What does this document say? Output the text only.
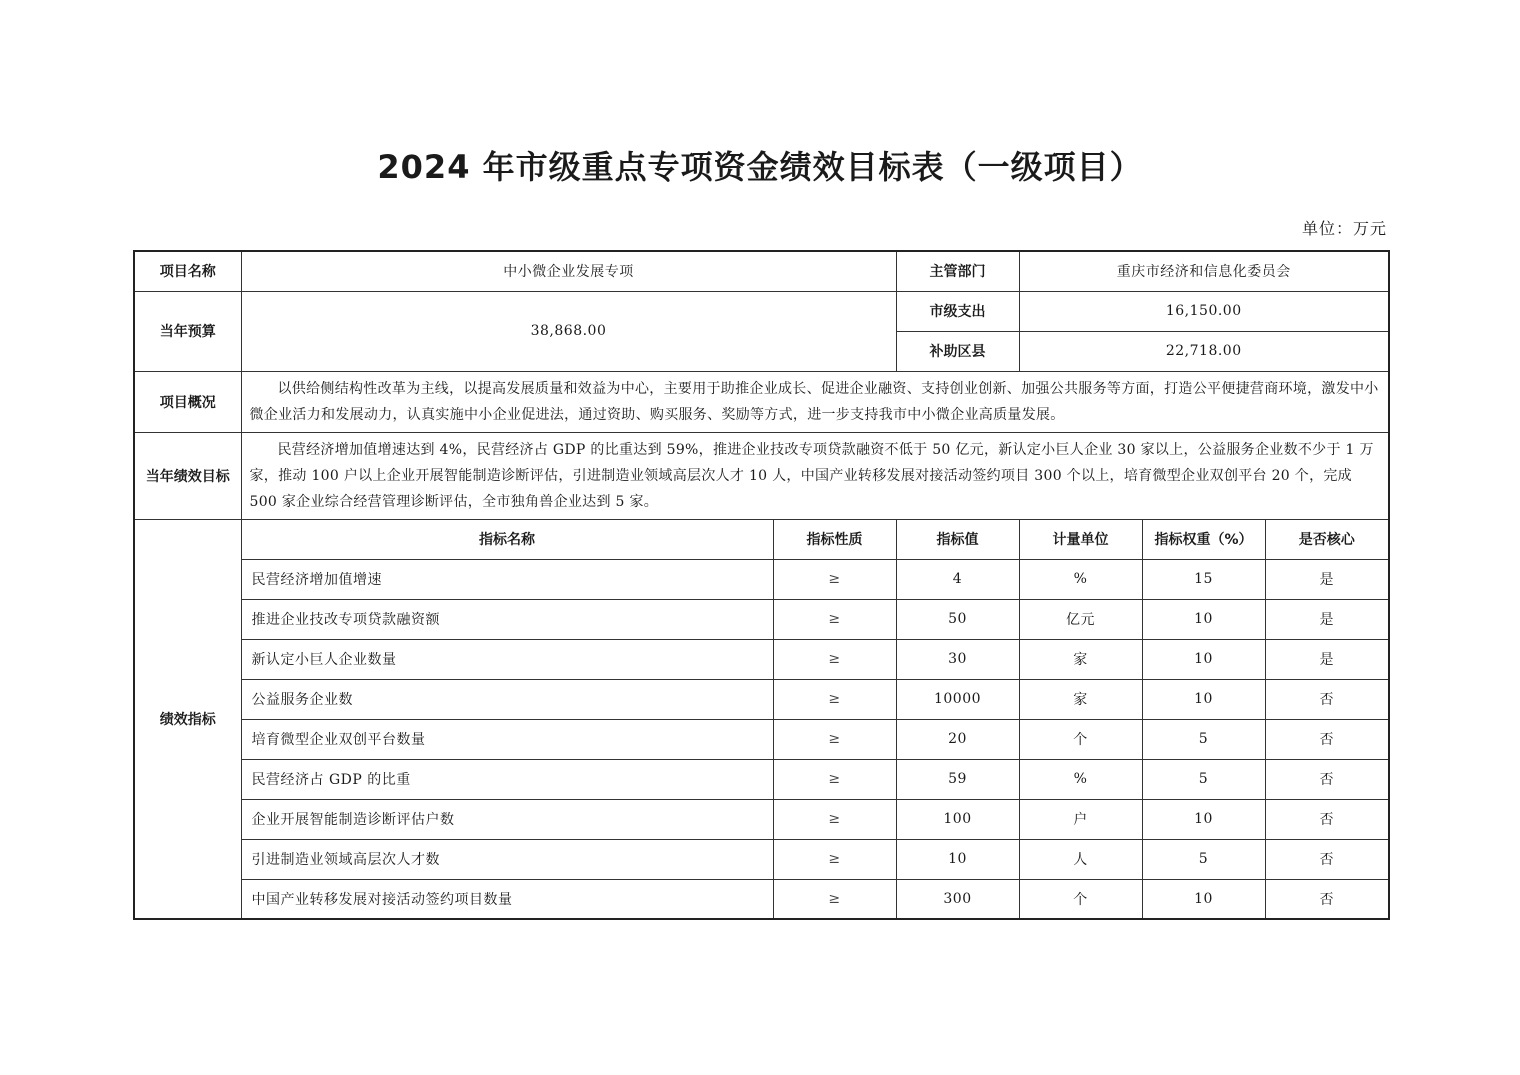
2024 年市级重点专项资金绩效目标表（一级项目）
单位：万元
项目名称	中小微企业发展专项		主管部门	重庆市经济和信息化委员会		
当年预算	38,868.00		市级支出	16,150.00		
			补助区县	22,718.00		
项目概况	以供给侧结构性改革为主线，以提高发展质量和效益为中心，主要用于助推企业成长、促进企业融资、支持创业创新、加强公共服务等方面，打造公平便捷营商环境，激发中小微企业活力和发展动力，认真实施中小企业促进法，通过资助、购买服务、奖励等方式，进一步支持我市中小微企业高质量发展。					
当年绩效目标	民营经济增加值增速达到 4%，民营经济占 GDP 的比重达到 59%，推进企业技改专项贷款融资不低于 50 亿元，新认定小巨人企业 30 家以上，公益服务企业数不少于 1 万家，推动 100 户以上企业开展智能制造诊断评估，引进制造业领域高层次人才 10 人，中国产业转移发展对接活动签约项目 300 个以上，培育微型企业双创平台 20 个，完成 500 家企业综合经营管理诊断评估，全市独角兽企业达到 5 家。					
绩效指标	指标名称	指标性质	指标值	计量单位	指标权重（%）	是否核心
	民营经济增加值增速	≥	4	%	15	是
	推进企业技改专项贷款融资额	≥	50	亿元	10	是
	新认定小巨人企业数量	≥	30	家	10	是
	公益服务企业数	≥	10000	家	10	否
	培育微型企业双创平台数量	≥	20	个	5	否
	民营经济占 GDP 的比重	≥	59	%	5	否
	企业开展智能制造诊断评估户数	≥	100	户	10	否
	引进制造业领域高层次人才数	≥	10	人	5	否
	中国产业转移发展对接活动签约项目数量	≥	300	个	10	否
